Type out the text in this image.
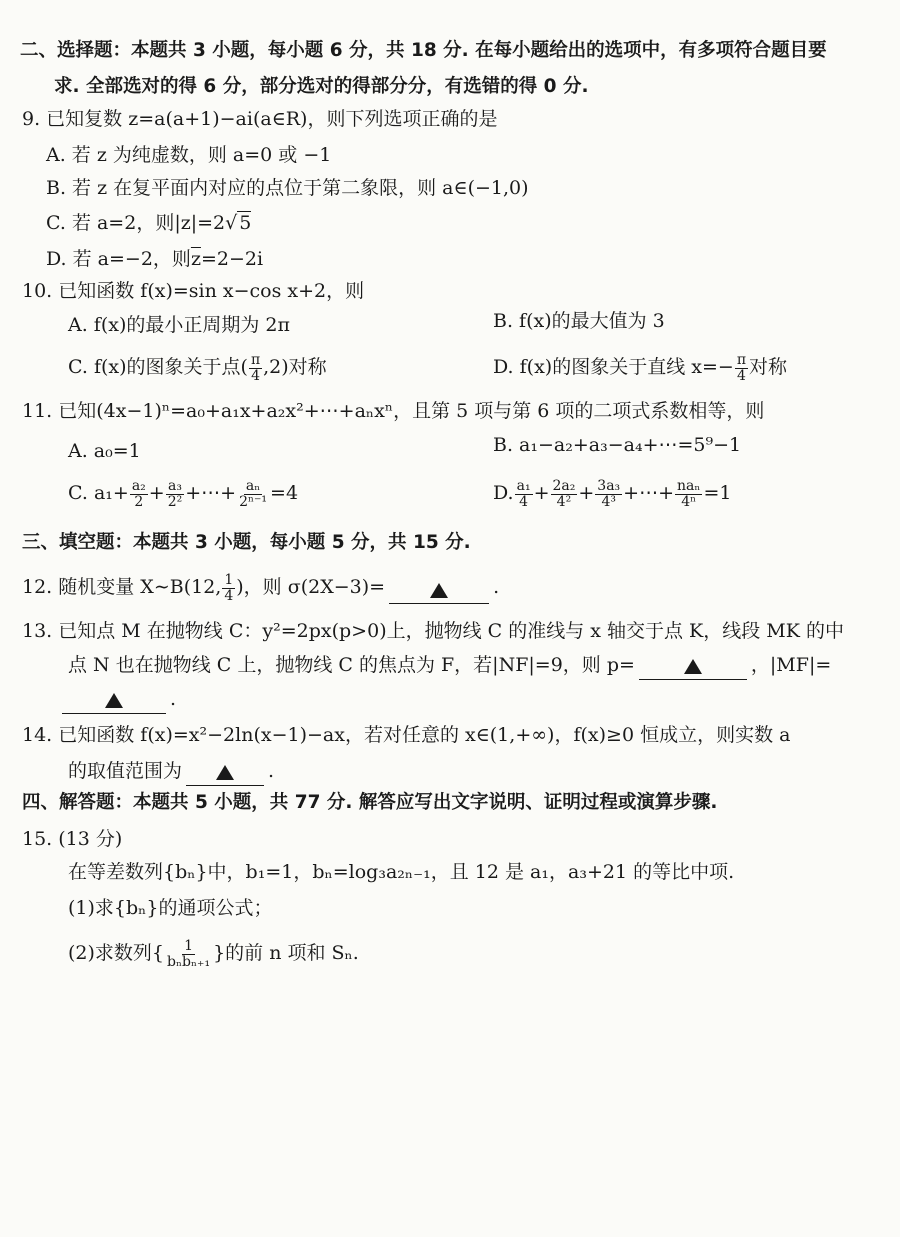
二、选择题：本题共 3 小题，每小题 6 分，共 18 分. 在每小题给出的选项中，有多项符合题目要
求. 全部选对的得 6 分，部分选对的得部分分，有选错的得 0 分.
9. 已知复数 z=a(a+1)−ai(a∈R)，则下列选项正确的是
A. 若 z 为纯虚数，则 a=0 或 −1
B. 若 z 在复平面内对应的点位于第二象限，则 a∈(−1,0)
C. 若 a=2，则|z|=2√ 5
D. 若 a=−2，则$\overline{z}=2-2i$
10. 已知函数 f(x)=sin x−cos x+2，则
A. f(x)的最小正周期为 2π	B. f(x)的最大值为 3
C. f(x)的图象关于点( $\frac{\pi}{4} ,2$)对称	D. f(x)的图象关于直线 $x=- \frac{\pi}{4}$ 对称
11. 已知(4x−1)ⁿ=a₀+a₁x+a₂x²+⋯+aₙxⁿ，且第 5 项与第 6 项的二项式系数相等，则
A. a₀=1	B. a₁−a₂+a₃−a₄+⋯=5⁹−1
C. $a_1+ \frac{\text{a₂}}{2} + \frac{\text{a₃}}{\text{2²}}$ +⋯+ $\frac{\text{aₙ}}{\text{2ⁿ⁻¹}} =4$	D. $\frac{\text{a₁}}{4} + \frac{\text{2a₂}}{\text{4²}} + \frac{\text{3a₃}}{\text{4³}}$ +⋯+ $\frac{\text{naₙ}}{\text{4ⁿ}} =1$
三、填空题：本题共 3 小题，每小题 5 分，共 15 分.
12. 随机变量 X∼B(12, $\frac{1}{4}$ )，则 σ(2X−3)=	.
13. 已知点 M 在抛物线 C：y²=2px(p>0)上，抛物线 C 的准线与 x 轴交于点 K，线段 MK 的中
点 N 也在抛物线 C 上，抛物线 C 的焦点为 F，若|NF|=9，则 p=	，|MF|=
.
14. 已知函数 f(x)=x²−2ln(x−1)−ax，若对任意的 x∈(1,+∞)，f(x)≥0 恒成立，则实数 a
的取值范围为	.
四、解答题：本题共 5 小题，共 77 分. 解答应写出文字说明、证明过程或演算步骤.
15. (13 分)
在等差数列{bₙ}中，b₁=1，bₙ=log₃a₂ₙ₋₁，且 12 是 a₁，a₃+21 的等比中项.
(1)求{bₙ}的通项公式；
(2)求数列{ $\frac{1}{\text{bₙbₙ₊₁}}$ }的前 n 项和 Sₙ.
